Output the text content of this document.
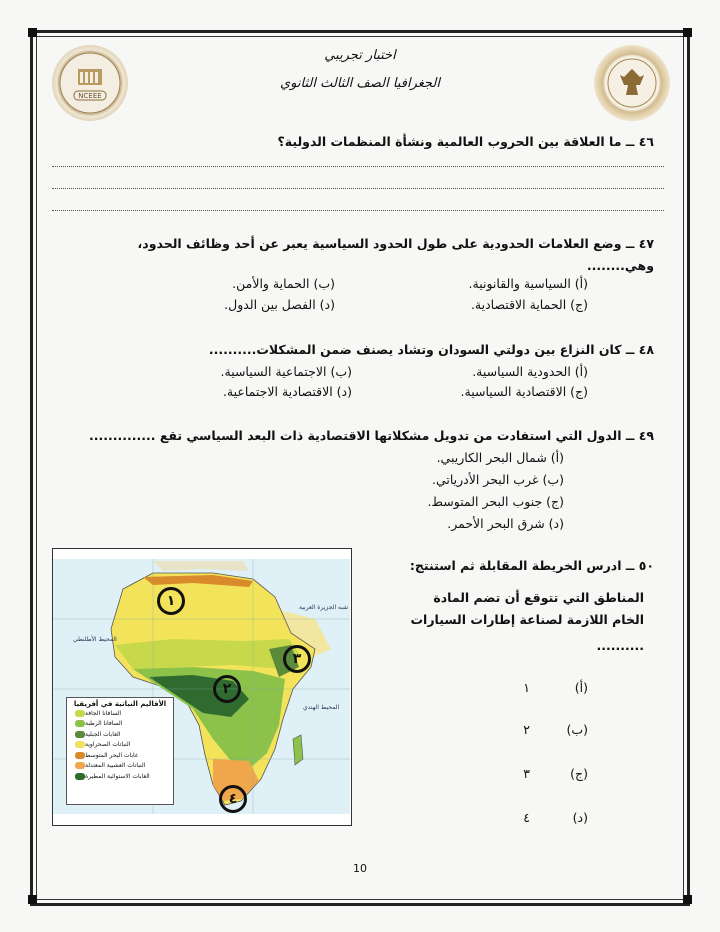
NCEEE
اختبار تجريبي
الجغرافيا الصف الثالث الثانوي
٤٦ ــ ما العلاقة بين الحروب العالمية ونشأة المنظمات الدولية؟
٤٧ ــ وضع العلامات الحدودية على طول الحدود السياسية يعبر عن أحد وظائف الحدود،
وهي........
(أ) السياسية والقانونية.
(ب) الحماية والأمن.
(ج) الحماية الاقتصادية.
(د) الفصل بين الدول.
٤٨ ــ كان النزاع بين دولتي السودان وتشاد يصنف ضمن المشكلات..........
(أ) الحدودية السياسية.
(ب) الاجتماعية السياسية.
(ج) الاقتصادية السياسية.
(د) الاقتصادية الاجتماعية.
٤٩ ــ الدول التي استفادت من تدويل مشكلاتها الاقتصادية ذات البعد السياسي تقع ..............
(أ) شمال البحر الكاريبي.
(ب) غرب البحر الأدرياتي.
(ج) جنوب البحر المتوسط.
(د) شرق البحر الأحمر.
٥٠ ــ ادرس الخريطة المقابلة ثم استنتج:
المناطق التي تتوقع أن تضم المادة
الخام اللازمة لصناعة إطارات السيارات
..........
(أ)
١
(ب)
٢
(ج)
٣
(د)
٤
المحيط الأطلنطي
المحيط الهندي
شبه الجزيرة العربية
١
٢
٣
٤
الأقاليم النباتية في أفريقيا
السافانا الجافة
السافانا الرطبة
الغابات الجبلية
النباتات الصحراوية
غابات البحر المتوسط
النباتات العشبية المعتدلة
الغابات الاستوائية المطيرة
10
